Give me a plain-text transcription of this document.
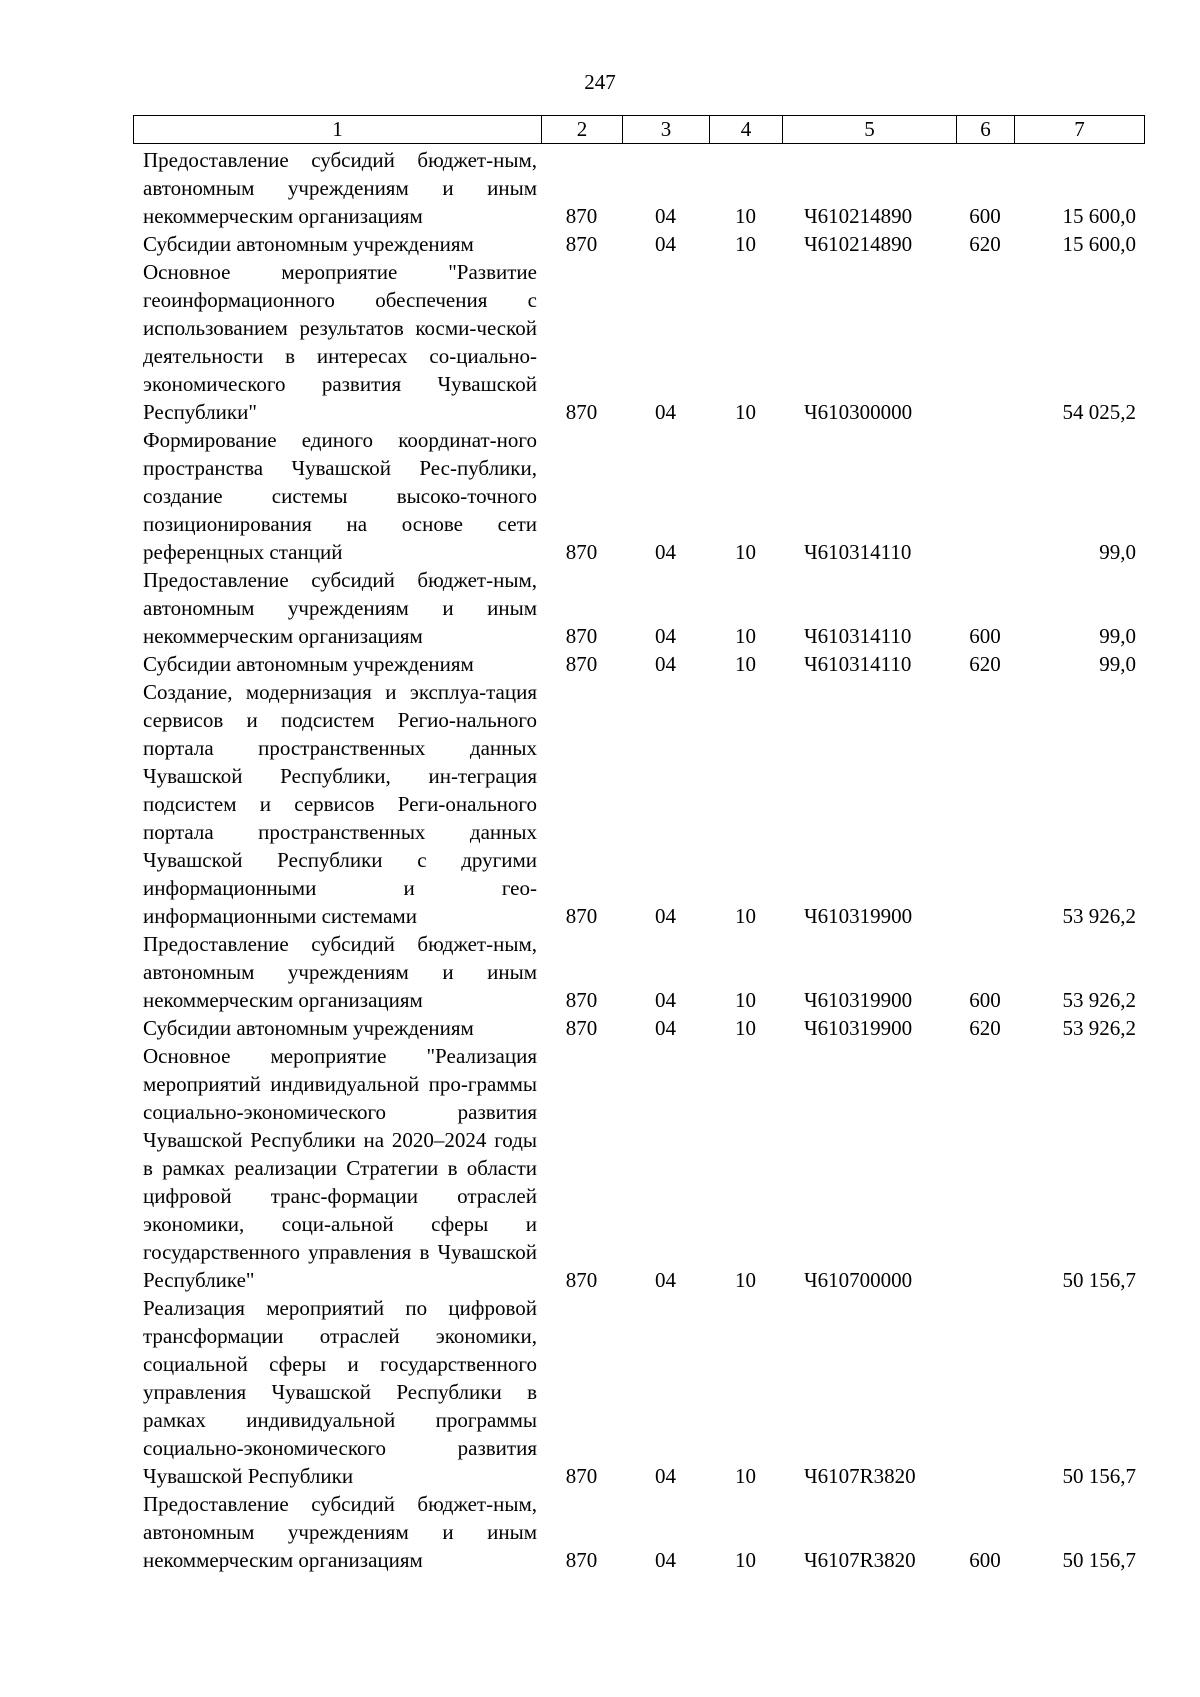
247
1	2	3	4	5	6	7
Предоставление субсидий бюджет-ным, автономным учреждениям и иным некоммерческим организациям	870	04	10	Ч610214890	600	15 600,0
Субсидии автономным учреждениям	870	04	10	Ч610214890	620	15 600,0
Основное мероприятие "Развитие геоинформационного обеспечения с использованием результатов косми-ческой деятельности в интересах со-циально-экономического развития Чувашской Республики"	870	04	10	Ч610300000		54 025,2
Формирование единого координат-ного пространства Чувашской Рес-публики, создание системы высоко-точного позиционирования на основе сети референцных станций	870	04	10	Ч610314110		99,0
Предоставление субсидий бюджет-ным, автономным учреждениям и иным некоммерческим организациям	870	04	10	Ч610314110	600	99,0
Субсидии автономным учреждениям	870	04	10	Ч610314110	620	99,0
Создание, модернизация и эксплуа-тация сервисов и подсистем Регио-нального портала пространственных данных Чувашской Республики, ин-теграция подсистем и сервисов Реги-онального портала пространственных данных Чувашской Республики с другими информационными и гео-информационными системами	870	04	10	Ч610319900		53 926,2
Предоставление субсидий бюджет-ным, автономным учреждениям и иным некоммерческим организациям	870	04	10	Ч610319900	600	53 926,2
Субсидии автономным учреждениям	870	04	10	Ч610319900	620	53 926,2
Основное мероприятие "Реализация мероприятий индивидуальной про-граммы социально-экономического развития Чувашской Республики на 2020–2024 годы в рамках реализации Стратегии в области цифровой транс-формации отраслей экономики, соци-альной сферы и государственного управления в Чувашской Республике"	870	04	10	Ч610700000		50 156,7
Реализация мероприятий по цифровой трансформации отраслей экономики, социальной сферы и государственного управления Чувашской Республики в рамках индивидуальной программы социально-экономического развития Чувашской Республики	870	04	10	Ч6107R3820		50 156,7
Предоставление субсидий бюджет-ным, автономным учреждениям и иным некоммерческим организациям	870	04	10	Ч6107R3820	600	50 156,7
